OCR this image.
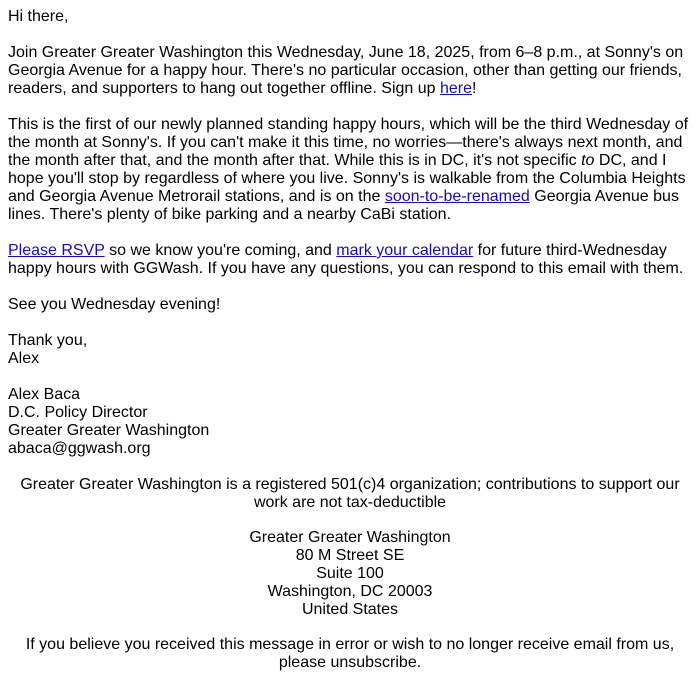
Hi there,

Join Greater Greater Washington this Wednesday, June 18, 2025, from 6–8 p.m., at Sonny's on Georgia Avenue for a happy hour. There's no particular occasion, other than getting our friends, readers, and supporters to hang out together offline. Sign up here!

This is the first of our newly planned standing happy hours, which will be the third Wednesday of the month at Sonny's. If you can't make it this time, no worries—there's always next month, and the month after that, and the month after that. While this is in DC, it's not specific to DC, and I hope you'll stop by regardless of where you live. Sonny's is walkable from the Columbia Heights and Georgia Avenue Metrorail stations, and is on the soon-to-be-renamed Georgia Avenue bus lines. There's plenty of bike parking and a nearby CaBi station.

Please RSVP so we know you're coming, and mark your calendar for future third-Wednesday happy hours with GGWash. If you have any questions, you can respond to this email with them.

See you Wednesday evening!

Thank you,
Alex

Alex Baca
D.C. Policy Director
Greater Greater Washington
abaca@ggwash.org

Greater Greater Washington is a registered 501(c)4 organization; contributions to support our work are not tax-deductible

Greater Greater Washington
80 M Street SE
Suite 100
Washington, DC 20003
United States

If you believe you received this message in error or wish to no longer receive email from us, please unsubscribe.
